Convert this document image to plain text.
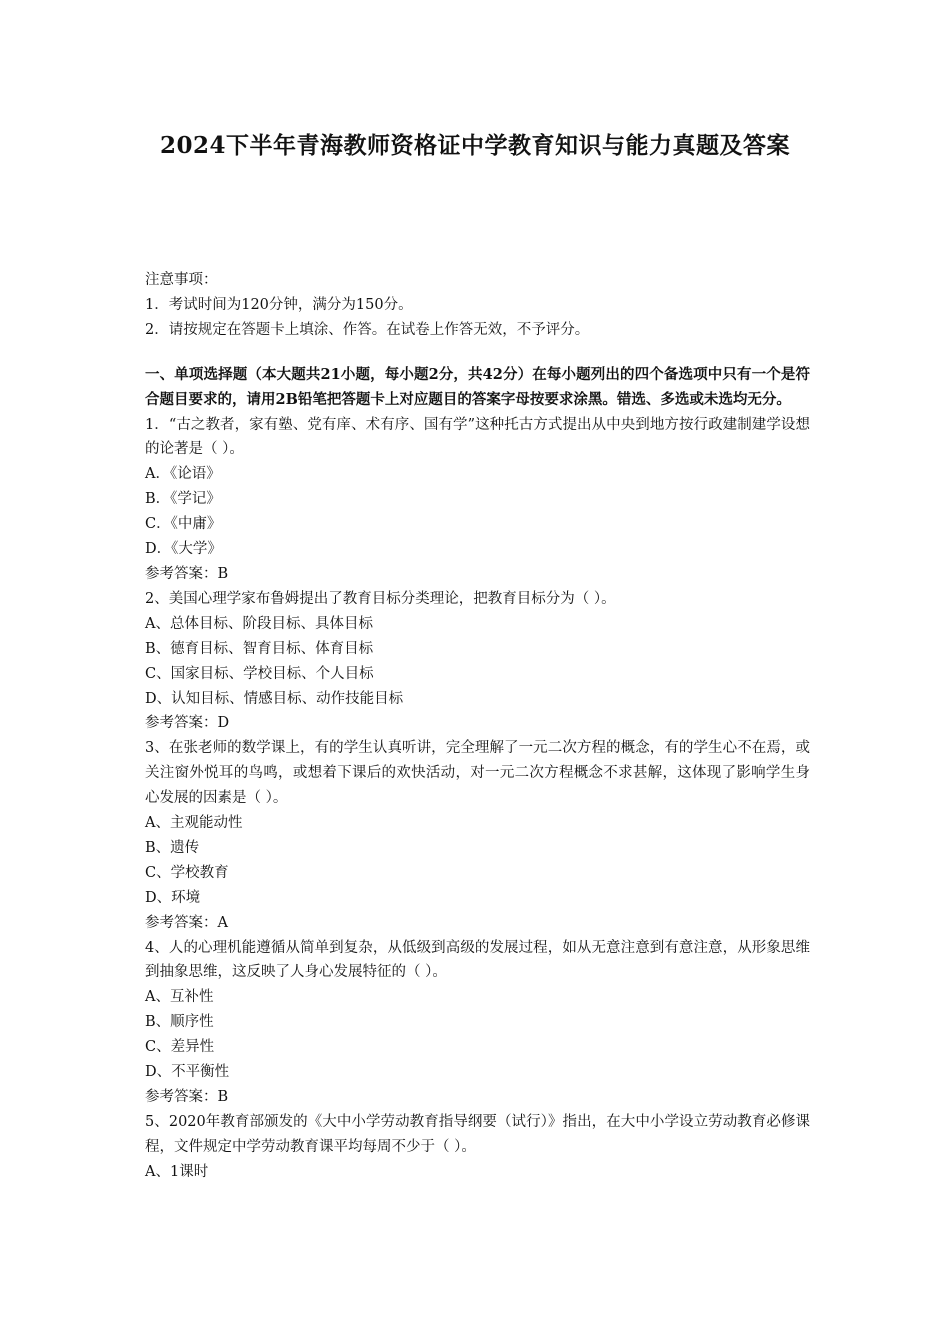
2024下半年青海教师资格证中学教育知识与能力真题及答案
注意事项：
1．考试时间为120分钟，满分为150分。
2．请按规定在答题卡上填涂、作答。在试卷上作答无效，不予评分。
一、单项选择题（本大题共21小题，每小题2分，共42分）在每小题列出的四个备选项中只有一个是符合题目要求的，请用2B铅笔把答题卡上对应题目的答案字母按要求涂黑。错选、多选或未选均无分。
1．“古之教者，家有塾、党有庠、术有序、国有学”这种托古方式提出从中央到地方按行政建制建学设想的论著是（ ）。
A．《论语》
B．《学记》
C．《中庸》
D．《大学》
参考答案：B
2、美国心理学家布鲁姆提出了教育目标分类理论，把教育目标分为（ ）。
A、总体目标、阶段目标、具体目标
B、德育目标、智育目标、体育目标
C、国家目标、学校目标、个人目标
D、认知目标、情感目标、动作技能目标
参考答案：D
3、在张老师的数学课上，有的学生认真听讲，完全理解了一元二次方程的概念，有的学生心不在焉，或关注窗外悦耳的鸟鸣，或想着下课后的欢快活动，对一元二次方程概念不求甚解，这体现了影响学生身心发展的因素是（ ）。
A、主观能动性
B、遗传
C、学校教育
D、环境
参考答案：A
4、人的心理机能遵循从简单到复杂，从低级到高级的发展过程，如从无意注意到有意注意，从形象思维到抽象思维，这反映了人身心发展特征的（ ）。
A、互补性
B、顺序性
C、差异性
D、不平衡性
参考答案：B
5、2020年教育部颁发的《大中小学劳动教育指导纲要（试行）》指出，在大中小学设立劳动教育必修课程，文件规定中学劳动教育课平均每周不少于（ ）。
A、1课时
